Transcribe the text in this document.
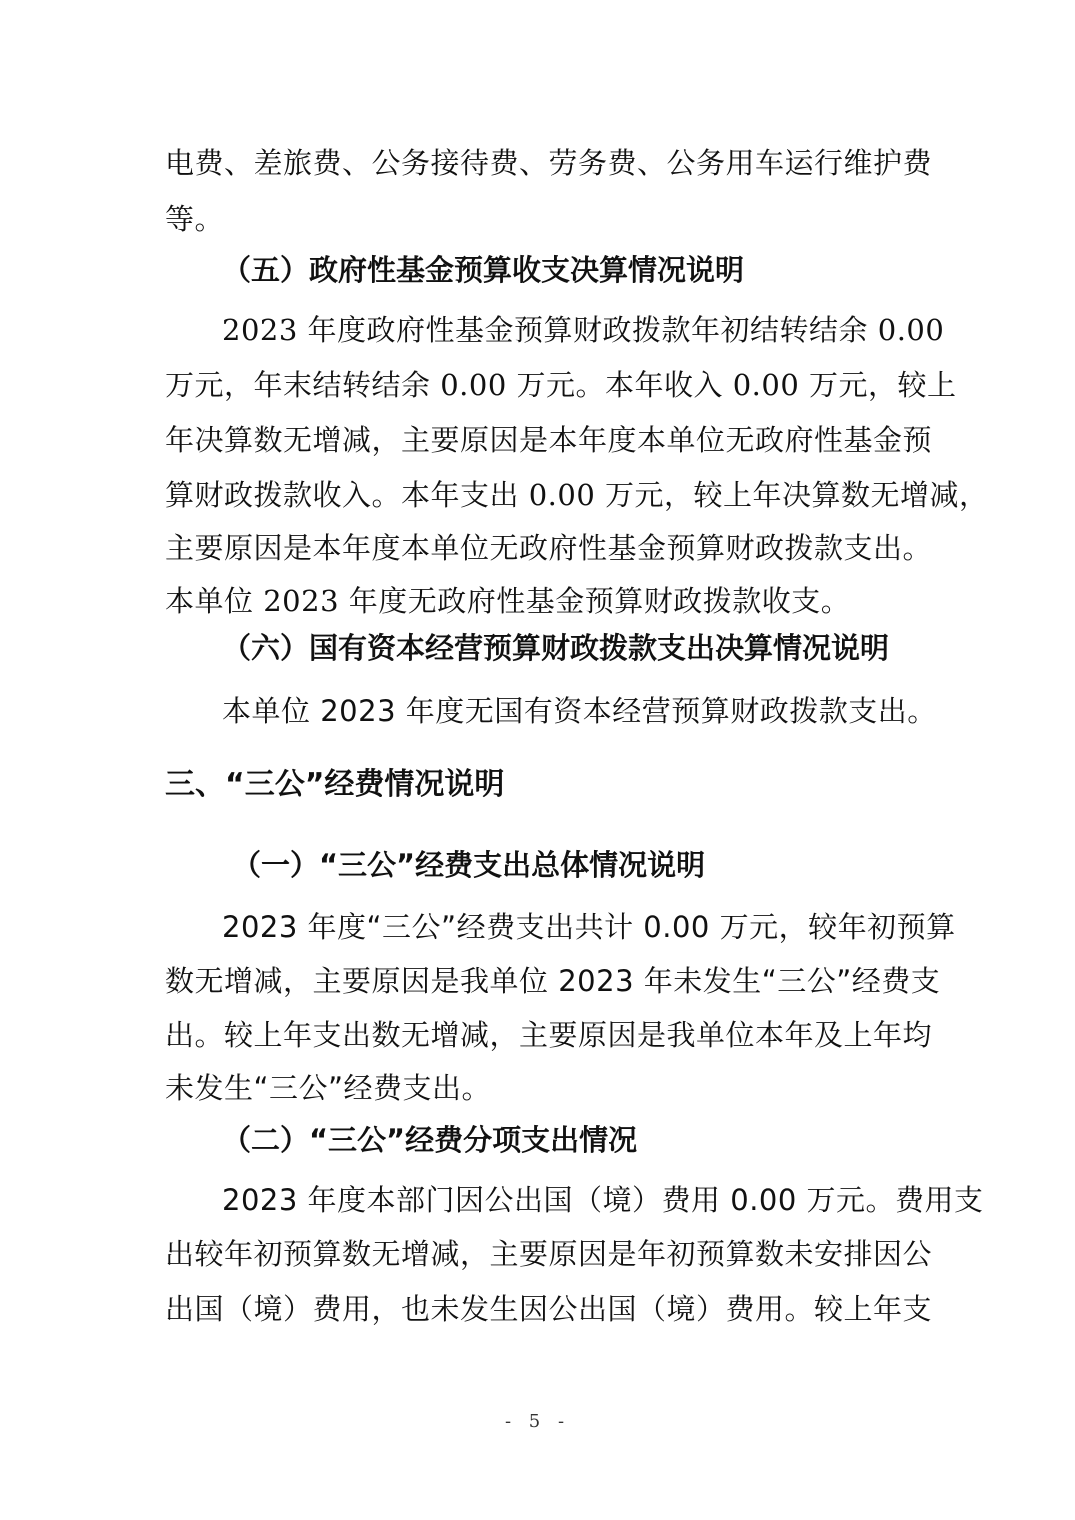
电费、差旅费、公务接待费、劳务费、公务用车运行维护费
等。
（五）政府性基金预算收支决算情况说明
2023 年度政府性基金预算财政拨款年初结转结余 0.00
万元，年末结转结余 0.00 万元。本年收入 0.00 万元，较上
年决算数无增减，主要原因是本年度本单位无政府性基金预
算财政拨款收入。本年支出 0.00 万元，较上年决算数无增减，
主要原因是本年度本单位无政府性基金预算财政拨款支出。
本单位 2023 年度无政府性基金预算财政拨款收支。
（六）国有资本经营预算财政拨款支出决算情况说明
本单位 2023 年度无国有资本经营预算财政拨款支出。
三、“三公”经费情况说明
（一）“三公”经费支出总体情况说明
2023 年度“三公”经费支出共计 0.00 万元，较年初预算
数无增减，主要原因是我单位 2023 年未发生“三公”经费支
出。较上年支出数无增减，主要原因是我单位本年及上年均
未发生“三公”经费支出。
（二）“三公”经费分项支出情况
2023 年度本部门因公出国（境）费用 0.00 万元。费用支
出较年初预算数无增减，主要原因是年初预算数未安排因公
出国（境）费用，也未发生因公出国（境）费用。较上年支
- 5 -
